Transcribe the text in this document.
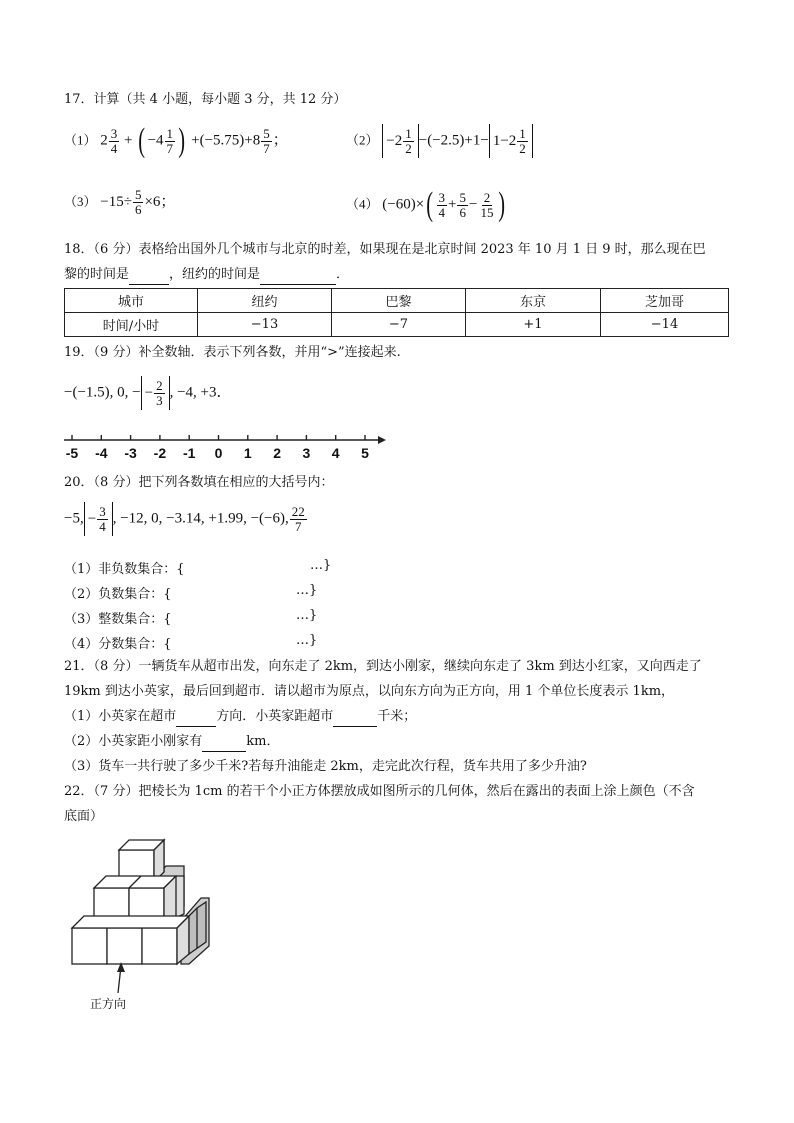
17．计算（共 4 小题，每小题 3 分，共 12 分）
（1） $2 \frac{3}{4}$ + ( $-4 \frac{1}{7}$ ) $+(-5.75)+8 \frac{5}{7}$ ；	$(2) -2 \frac{1}{2} -(-2.5)+1- 1-2 \frac{1}{2}$
$(3) -15\div \frac{5}{6} \times 6$；	（4） $(-60)\times( \frac{3}{4} + \frac{5}{6} - \frac{2}{15}$ )
18．（6 分）表格给出国外几个城市与北京的时差，如果现在是北京时间 2023 年 10 月 1 日 9 时，那么现在巴
黎的时间是	，纽约的时间是	．
城市	纽约	巴黎	东京	芝加哥
时间/小时	−13	−7	+1	−14
19．（9 分）补全数轴．表示下列各数，并用“>”连接起来.
−(−1.5), 0, − − $\frac{2}{3}$ , −4, +3．
-5 -4 -3 -2 -1 0 1 2 3 4 5
20．（8 分）把下列各数填在相应的大括号内：
−5, − $\frac{3}{4}$ , −12, 0, −3.14, +1.99, −(−6), $\frac{22}{7}$
（1）非负数集合：{	…}
（2）负数集合：{	…}
（3）整数集合：{	…}
（4）分数集合：{	…}
21．（8 分）一辆货车从超市出发，向东走了 2km，到达小刚家，继续向东走了 3km 到达小红家，又向西走了
19km 到达小英家，最后回到超市．请以超市为原点，以向东方向为正方向，用 1 个单位长度表示 1km，
（1）小英家在超市	方向．小英家距超市	千米；
（2）小英家距小刚家有	km．
（3）货车一共行驶了多少千米?若每升油能走 2km，走完此次行程，货车共用了多少升油?
22．（7 分）把棱长为 1cm 的若干个小正方体摆放成如图所示的几何体，然后在露出的表面上涂上颜色（不含
底面）
正方向
